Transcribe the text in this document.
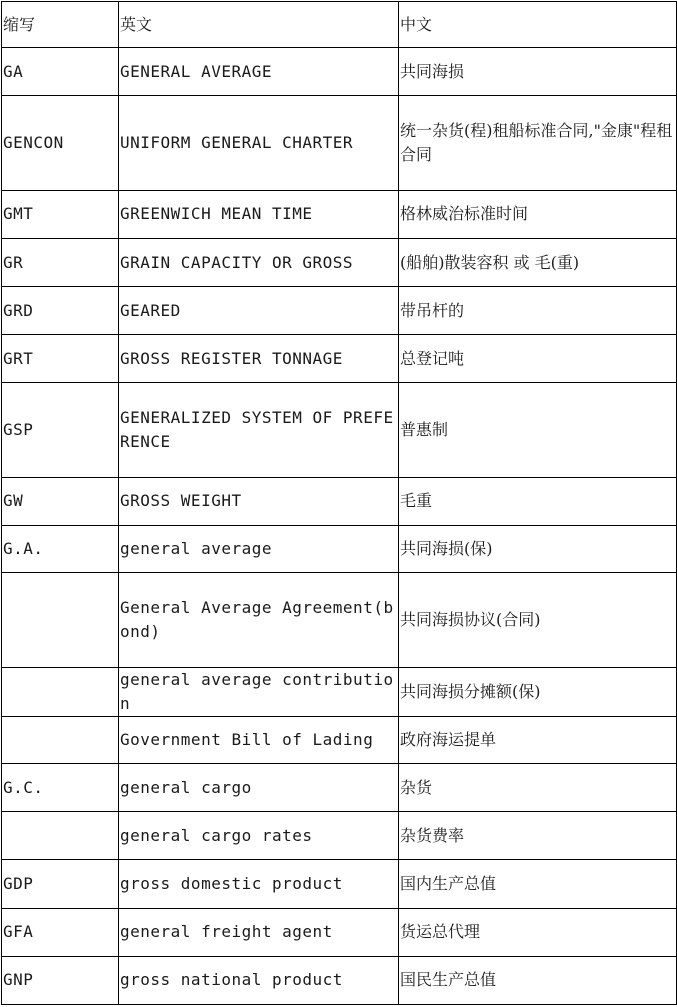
缩写	英文	中文
GA	GENERAL AVERAGE	共同海损
GENCON	UNIFORM GENERAL CHARTER	统一杂货(程)租船标准合同,"金康"程租合同
GMT	GREENWICH MEAN TIME	格林威治标准时间
GR	GRAIN CAPACITY OR GROSS	(船舶)散装容积 或 毛(重)
GRD	GEARED	带吊杆的
GRT	GROSS REGISTER TONNAGE	总登记吨
GSP	GENERALIZED SYSTEM OF PREFERENCE	普惠制
GW	GROSS WEIGHT	毛重
G.A.	general average	共同海损(保)
	General Average Agreement(bond)	共同海损协议(合同)
	general average contribution	共同海损分摊额(保)
	Government Bill of Lading	政府海运提单
G.C.	general cargo	杂货
	general cargo rates	杂货费率
GDP	gross domestic product	国内生产总值
GFA	general freight agent	货运总代理
GNP	gross national product	国民生产总值
